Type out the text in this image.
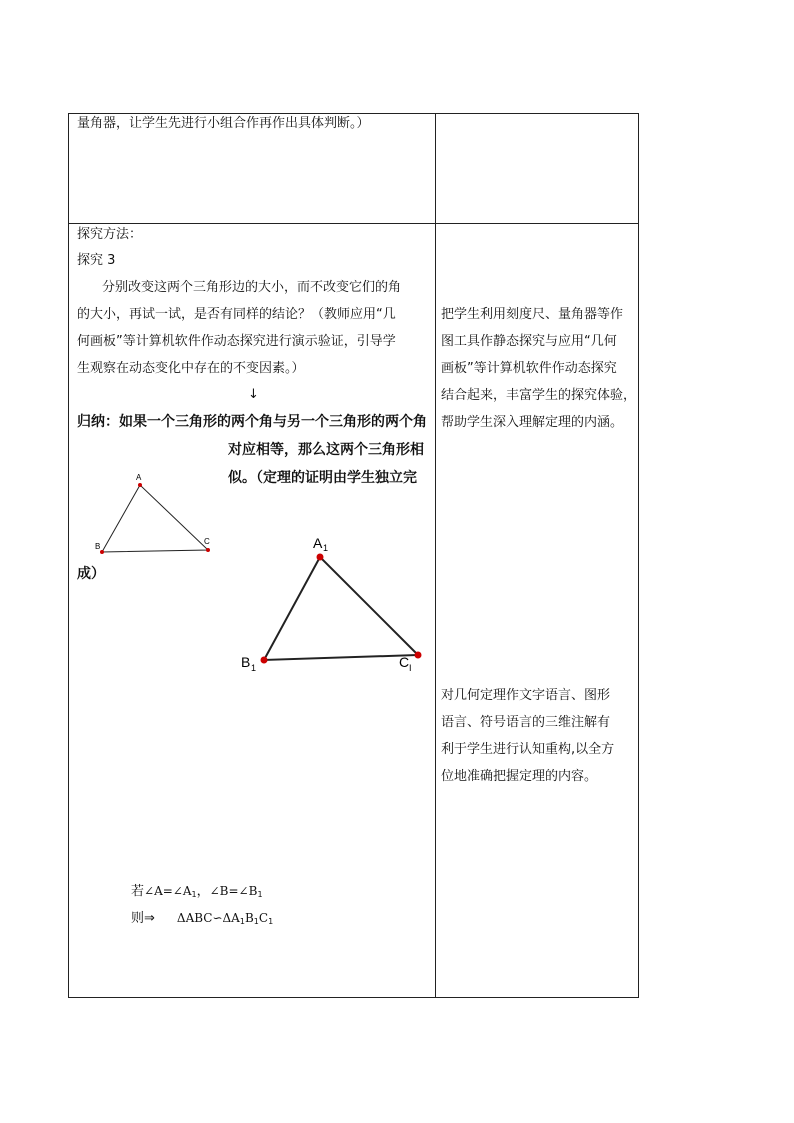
量角器，让学生先进行小组合作再作出具体判断。）
探究方法：
探究 3
分别改变这两个三角形边的大小，而不改变它们的角
的大小，再试一试，是否有同样的结论？（教师应用“几
何画板”等计算机软件作动态探究进行演示验证，引导学
生观察在动态变化中存在的不变因素。）
↓
归纳：如果一个三角形的两个角与另一个三角形的两个角
对应相等，那么这两个三角形相
似。（定理的证明由学生独立完
成）
A
B
C	A 1
B 1	C I
若$\angle A=\angle A_1$，$\angle B=\angle B_1$
则⇒ $\Delta ABC∽\Delta A_1B_1C_1$
把学生利用刻度尺、量角器等作
图工具作静态探究与应用“几何
画板”等计算机软件作动态探究
结合起来，丰富学生的探究体验，
帮助学生深入理解定理的内涵。
对几何定理作文字语言、图形
语言、符号语言的三维注解有
利于学生进行认知重构,以全方
位地准确把握定理的内容。
